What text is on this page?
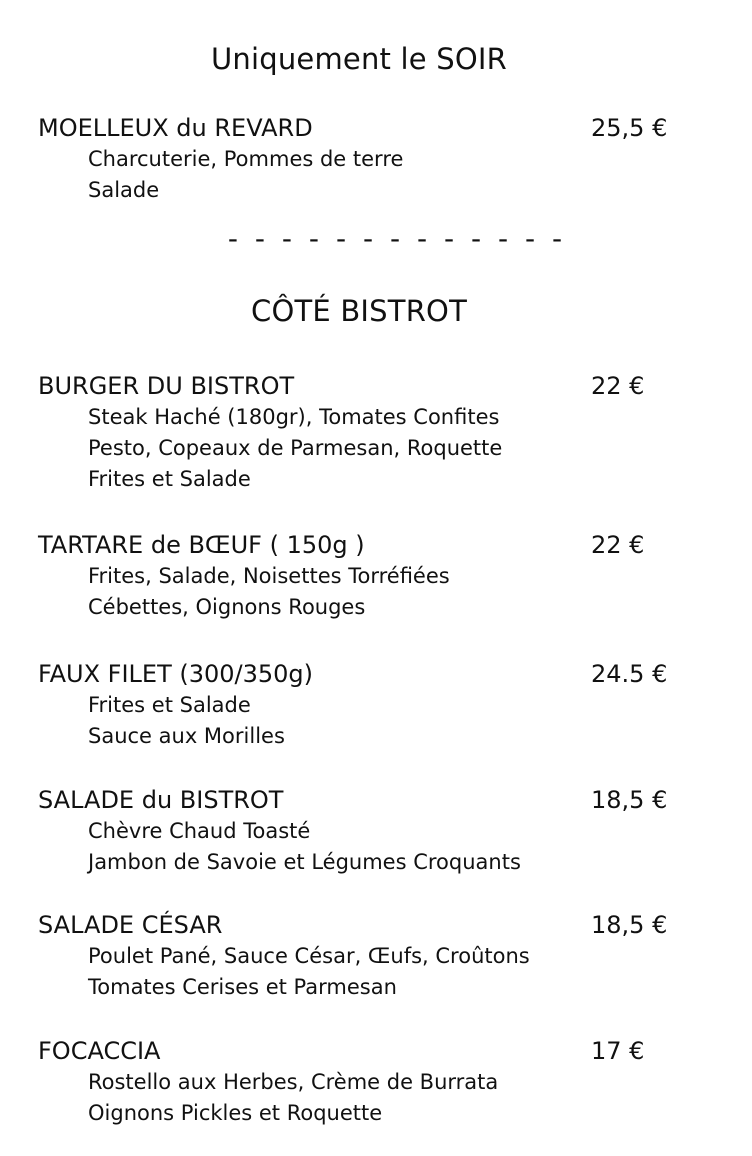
Uniquement le SOIR
MOELLEUX du REVARD	25,5 €
Charcuterie, Pommes de terre
Salade
- - - - - - - - - - - - -
CÔTÉ BISTROT
BURGER DU BISTROT	22 €
Steak Haché (180gr), Tomates Confites
Pesto, Copeaux de Parmesan, Roquette
Frites et Salade
TARTARE de BŒUF ( 150g )	22 €
Frites, Salade, Noisettes Torréfiées
Cébettes, Oignons Rouges
FAUX FILET (300/350g)	24.5 €
Frites et Salade
Sauce aux Morilles
SALADE du BISTROT	18,5 €
Chèvre Chaud Toasté
Jambon de Savoie et Légumes Croquants
SALADE CÉSAR	18,5 €
Poulet Pané, Sauce César, Œufs, Croûtons
Tomates Cerises et Parmesan
FOCACCIA	17 €
Rostello aux Herbes, Crème de Burrata
Oignons Pickles et Roquette
